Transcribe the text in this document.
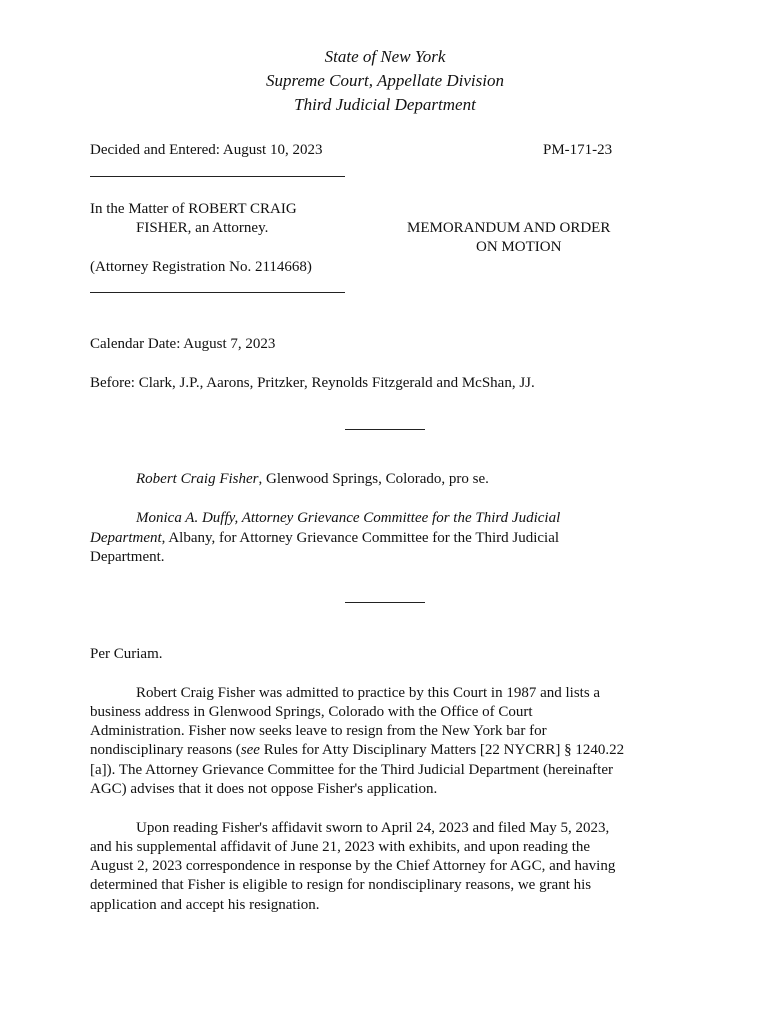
State of New York
Supreme Court, Appellate Division
Third Judicial Department
Decided and Entered: August 10, 2023	PM-171-23
In the Matter of ROBERT CRAIG
FISHER, an Attorney.
(Attorney Registration No. 2114668)
MEMORANDUM AND ORDER
ON MOTION
Calendar Date: August 7, 2023
Before: Clark, J.P., Aarons, Pritzker, Reynolds Fitzgerald and McShan, JJ.
Robert Craig Fisher, Glenwood Springs, Colorado, pro se.
Monica A. Duffy, Attorney Grievance Committee for the Third Judicial
Department, Albany, for Attorney Grievance Committee for the Third Judicial
Department.
Per Curiam.
Robert Craig Fisher was admitted to practice by this Court in 1987 and lists a
business address in Glenwood Springs, Colorado with the Office of Court
Administration. Fisher now seeks leave to resign from the New York bar for
nondisciplinary reasons (see Rules for Atty Disciplinary Matters [22 NYCRR] § 1240.22
[a]). The Attorney Grievance Committee for the Third Judicial Department (hereinafter
AGC) advises that it does not oppose Fisher's application.
Upon reading Fisher's affidavit sworn to April 24, 2023 and filed May 5, 2023,
and his supplemental affidavit of June 21, 2023 with exhibits, and upon reading the
August 2, 2023 correspondence in response by the Chief Attorney for AGC, and having
determined that Fisher is eligible to resign for nondisciplinary reasons, we grant his
application and accept his resignation.
